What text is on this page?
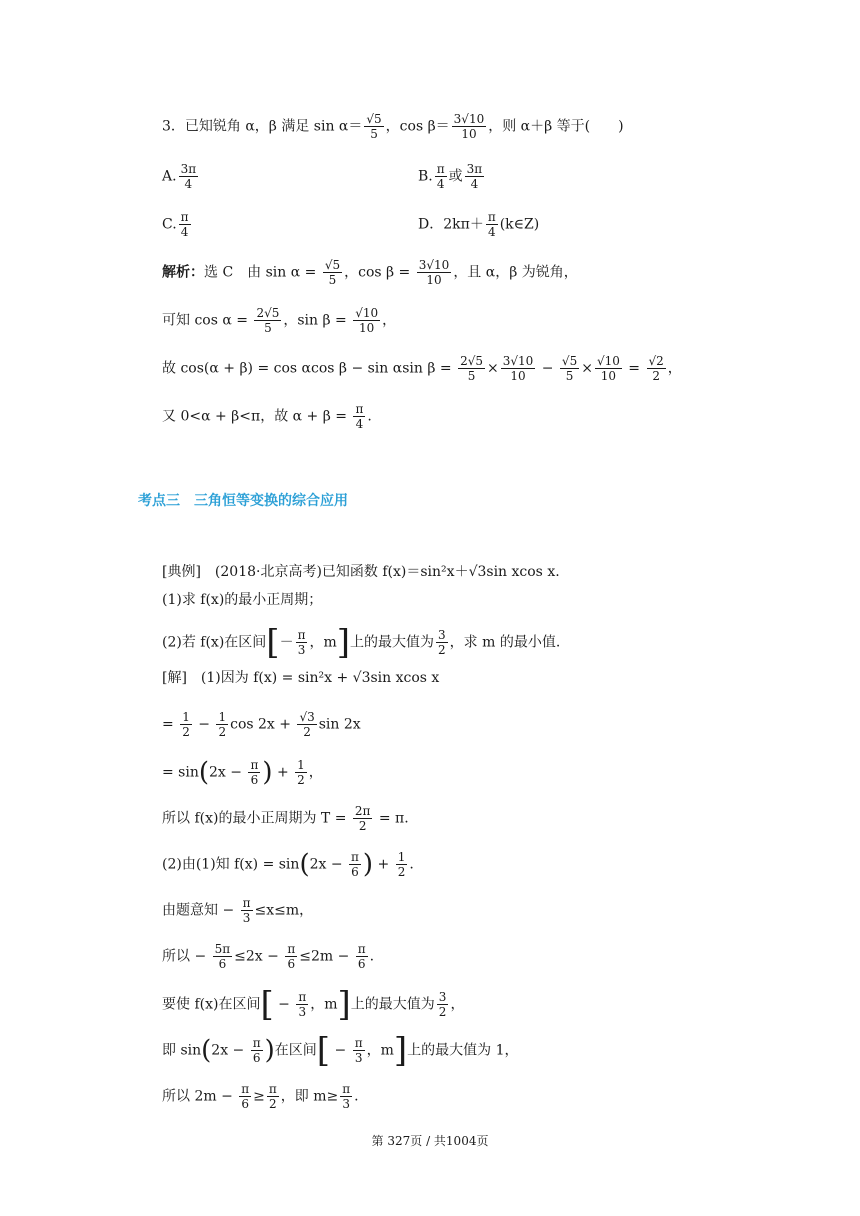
3．已知锐角 α，β 满足 $\sin \alpha= \frac{√5}{5}$ ，$\cos \beta= \frac{3√10}{10}$ ，则 α＋β 等于(　　)
A. $\frac{3\pi}{4}$	B. $\frac{\pi}{4}$ 或 $\frac{3\pi}{4}$
C. $\frac{\pi}{4}$	D．$2k\pi+ \frac{\pi}{4}$ (k∈Z)
解析：选 C　由 $\sin \alpha = \frac{√5}{5}$ ，$\cos \beta = \frac{3√10}{10}$ ，且 α，β 为锐角，
可知 $\cos \alpha = \frac{2√5}{5}$ ，$\sin \beta = \frac{√10}{10}$ ，
故 cos(α + β) = cos αcos β − sin αsin $\beta = \frac{2√5}{5} \times \frac{3√10}{10} - \frac{√5}{5} \times \frac{√10}{10} = \frac{√2}{2}$ ，
又 0<α + β<π，故 $\alpha + \beta = \frac{\pi}{4}$ .
考点三　三角恒等变换的综合应用
[典例]　(2018·北京高考)已知函数 f(x)＝sin²x＋√3sin xcos x.
(1)求 f(x)的最小正周期；
(2)若 f(x)在区间[－ $\frac{\pi}{3}$ ，m]上的最大值为 $\frac{3}{2}$ ，求 m 的最小值.
[解]　(1)因为 f(x) = sin²x + √3sin xcos x
= $\frac{1}{2} - \frac{1}{2}$ $\cos 2x + \frac{√3}{2}$ sin 2x
= $\sin(2x - \frac{\pi}{6}$ ) + $\frac{1}{2}$ ，
所以 f(x)的最小正周期为 $T = \frac{2\pi}{2} = \pi$.
(2)由(1)知 $f(x) = \sin(2x - \frac{\pi}{6}$ ) + $\frac{1}{2}$ .
由题意知 − $\frac{\pi}{3} \le x\le m$，
所以 − $\frac{5\pi}{6} \le 2x - \frac{\pi}{6} \le 2m - \frac{\pi}{6}$ .
要使 f(x)在区间[ − $\frac{\pi}{3}$ ，m]上的最大值为 $\frac{3}{2}$ ，
即 $\sin(2x - \frac{\pi}{6}$ )在区间[ − $\frac{\pi}{3}$ ，m]上的最大值为 1，
所以 $2m - \frac{\pi}{6} \ge \frac{\pi}{2}$ ，即 $m\ge \frac{\pi}{3}$ .
第 327页 / 共1004页
